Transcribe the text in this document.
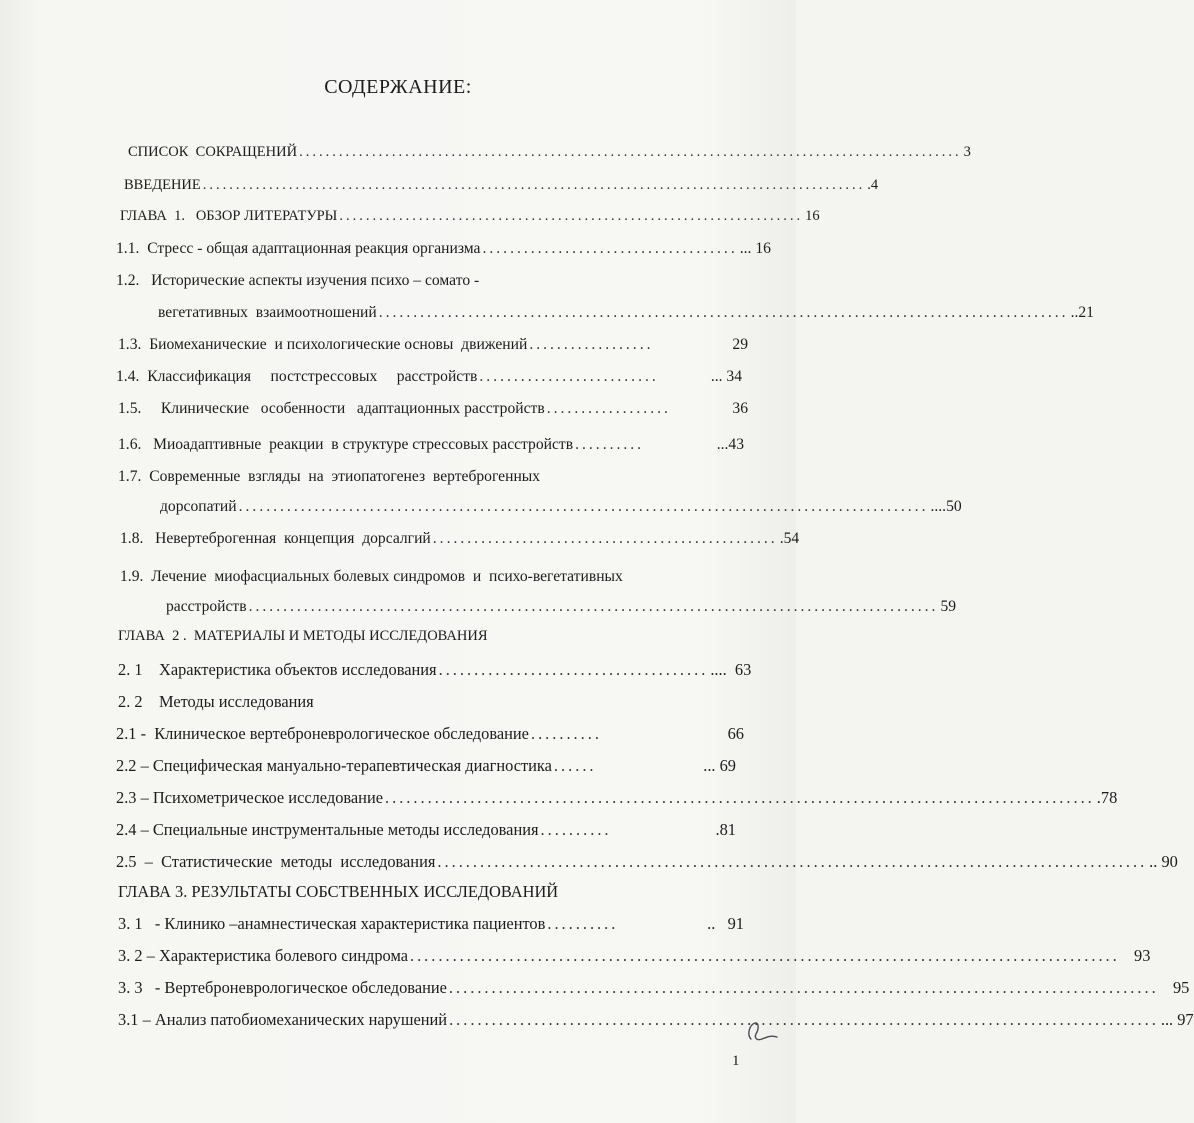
СОДЕРЖАНИЕ:
СПИСОК  СОКРАЩЕНИЙ .................................................................................................... 3
ВВЕДЕНИЕ .................................................................................................... .4
ГЛАВА  1.   ОБЗОР ЛИТЕРАТУРЫ ...................................................................... 16
1.1.  Стресс - общая адаптационная реакция организма ..................................... ... 16
1.2.   Исторические аспекты изучения психо – сомато -
вегетативных  взаимоотношений .................................................................................................... ..21
1.3.  Биомеханические  и психологические основы  движений ..................	29
1.4.  Классификация     постстрессовых     расстройств ..........................	... 34
1.5.     Клинические   особенности   адаптационных расстройств ..................	36
1.6.   Миоадаптивные  реакции  в структуре стрессовых расстройств ..........	...43
1.7.  Современные  взгляды  на  этиопатогенез  вертеброгенных
дорсопатий .................................................................................................... ....50
1.8.   Невертеброгенная  концепция  дорсалгий .................................................. .54
1.9.  Лечение  миофасциальных болевых синдромов  и  психо-вегетативных
расстройств .................................................................................................... 59
ГЛАВА  2 .  МАТЕРИАЛЫ И МЕТОДЫ ИССЛЕДОВАНИЯ
2. 1    Характеристика объектов исследования ...................................... ....  63
2. 2    Методы исследования
2.1 -  Клиническое вертеброневрологическое обследование ..........	66
2.2 – Специфическая мануально-терапевтическая диагностика ......	... 69
2.3 – Психометрическое исследование .................................................................................................... .78
2.4 – Специальные инструментальные методы исследования ..........	.81
2.5  –  Статистические  методы  исследования .................................................................................................... .. 90
ГЛАВА 3. РЕЗУЛЬТАТЫ СОБСТВЕННЫХ ИССЛЕДОВАНИЙ
3. 1   - Клинико –анамнестическая характеристика пациентов ..........	..   91
3. 2 – Характеристика болевого синдрома .................................................................................................... 93
3. 3   - Вертеброневрологическое обследование .................................................................................................... 95
3.1 – Анализ патобиомеханических нарушений .................................................................................................... ... 97
1
